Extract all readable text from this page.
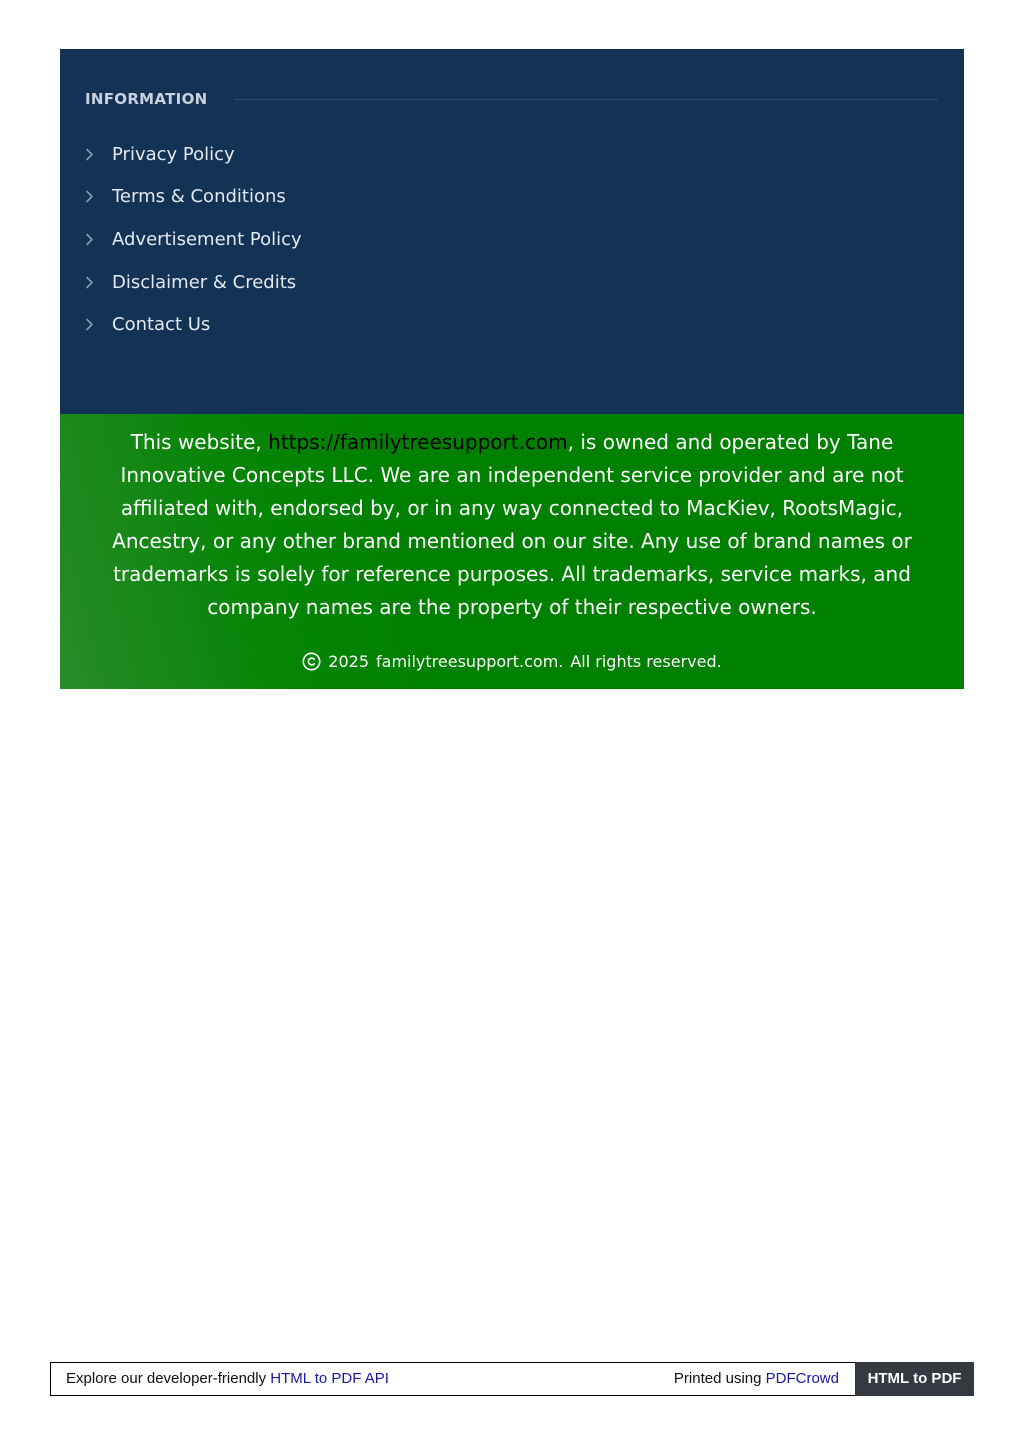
INFORMATION
Privacy Policy
Terms & Conditions
Advertisement Policy
Disclaimer & Credits
Contact Us

This website, https://familytreesupport.com, is owned and operated by Tane Innovative Concepts LLC. We are an independent service provider and are not affiliated with, endorsed by, or in any way connected to MacKiev, RootsMagic, Ancestry, or any other brand mentioned on our site. Any use of brand names or trademarks is solely for reference purposes. All trademarks, service marks, and company names are the property of their respective owners.

2025 familytreesupport.com. All rights reserved.
Explore our developer-friendly HTML to PDF API	Printed using PDFCrowd	HTML to PDF
